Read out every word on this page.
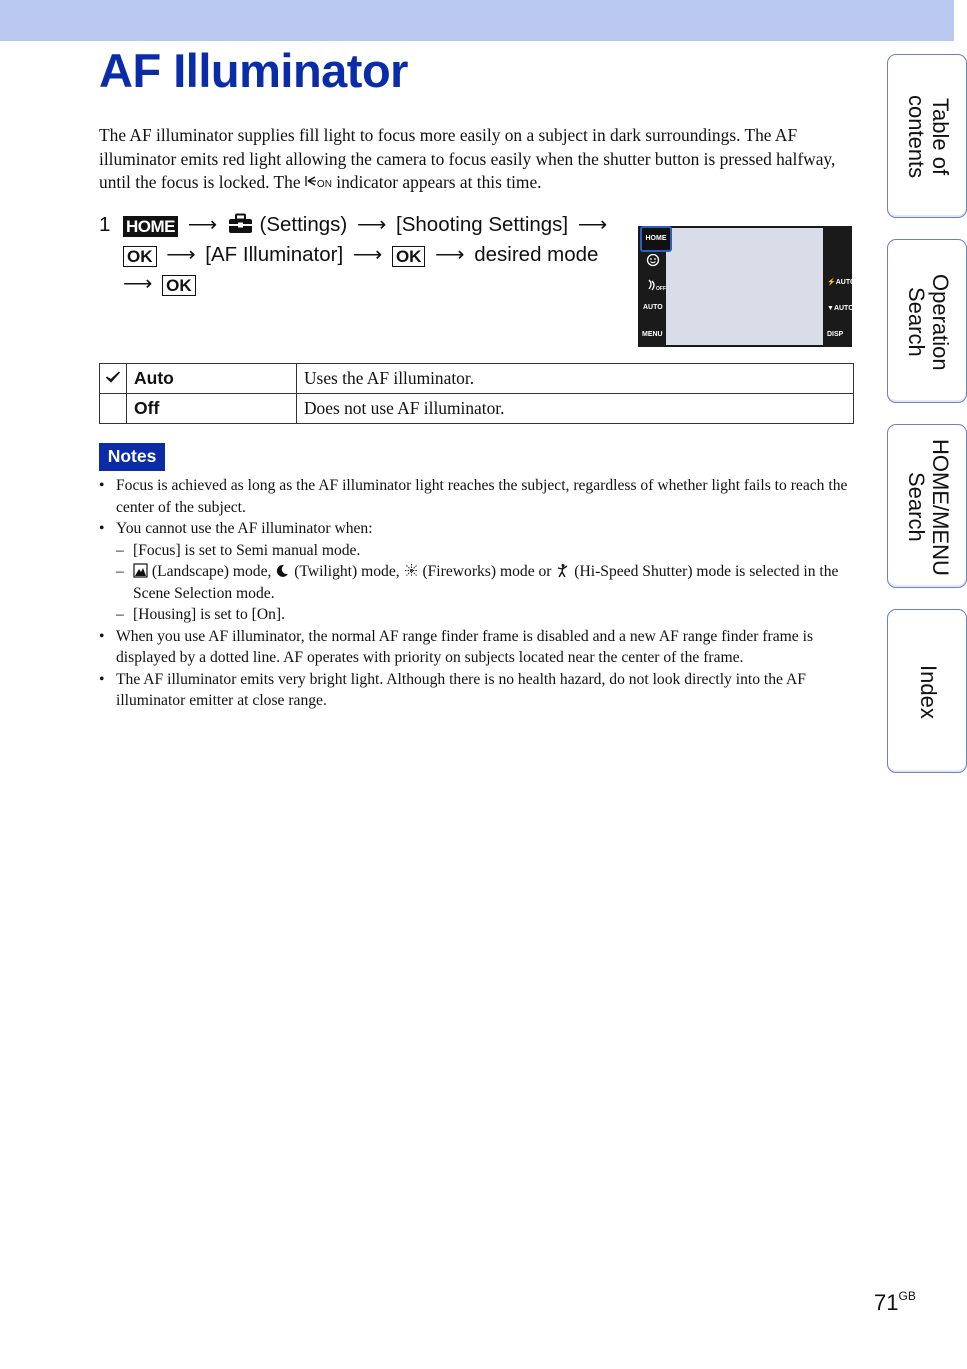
AF Illuminator

The AF illuminator supplies fill light to focus more easily on a subject in dark surroundings. The AF illuminator emits red light allowing the camera to focus easily when the shutter button is pressed halfway, until the focus is locked. The ON indicator appears at this time.

1 HOME ⟶ (Settings) ⟶ [Shooting Settings] ⟶ OK ⟶ [AF Illuminator] ⟶ OK ⟶ desired mode
⟶ OK
HOME
OFF
AUTO
MENU
⚡AUTO
▼AUTO
DISP
	Auto	Uses the AF illuminator.
	Off	Does not use AF illuminator.
Notes
• Focus is achieved as long as the AF illuminator light reaches the subject, regardless of whether light fails to reach the center of the subject.
• You cannot use the AF illuminator when:
– [Focus] is set to Semi manual mode.
– (Landscape) mode,  (Twilight) mode,  (Fireworks) mode or  (Hi-Speed Shutter) mode is selected in the Scene Selection mode.
– [Housing] is set to [On].
• When you use AF illuminator, the normal AF range finder frame is disabled and a new AF range finder frame is displayed by a dotted line. AF operates with priority on subjects located near the center of the frame.
• The AF illuminator emits very bright light. Although there is no health hazard, do not look directly into the AF illuminator emitter at close range.
Table of
contents
Operation
Search
HOME/MENU
Search
Index
$71^{GB}$
